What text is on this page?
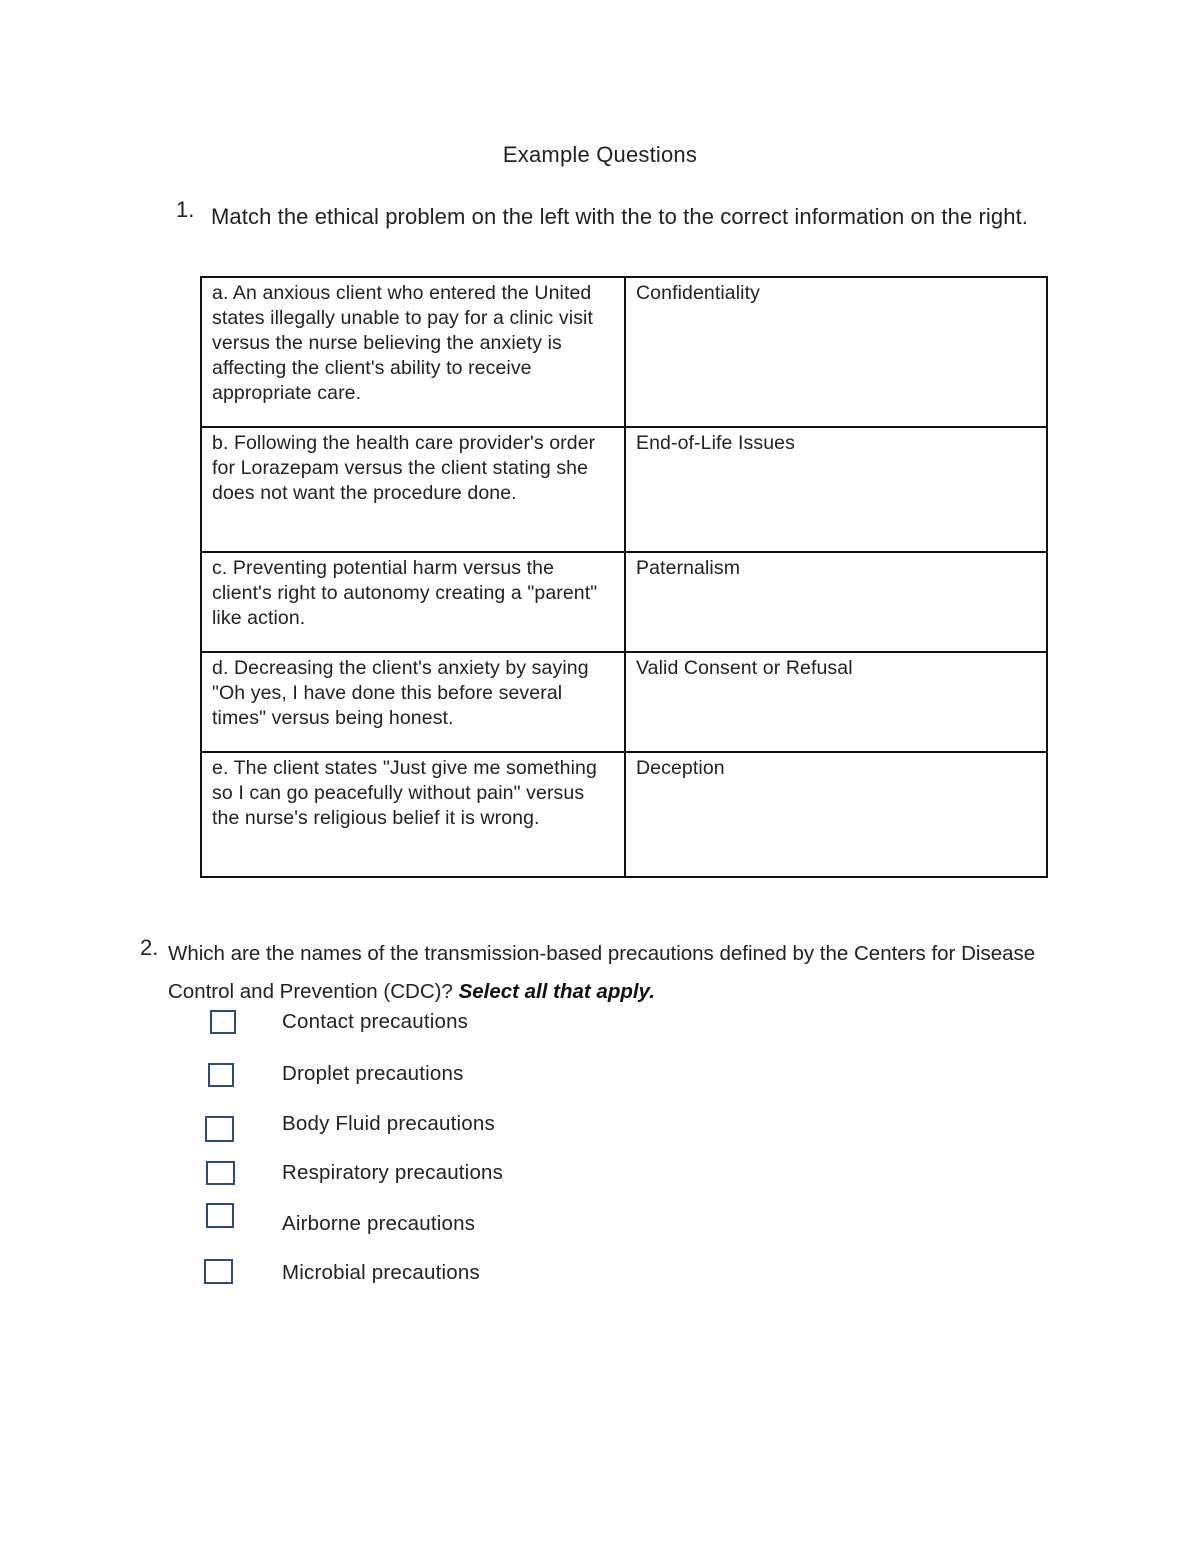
Example Questions
1. Match the ethical problem on the left with the to the correct information on the right.
a. An anxious client who entered the United states illegally unable to pay for a clinic visit versus the nurse believing the anxiety is affecting the client's ability to receive appropriate care.	Confidentiality
b. Following the health care provider's order for Lorazepam versus the client stating she does not want the procedure done.	End-of-Life Issues
c. Preventing potential harm versus the client's right to autonomy creating a "parent" like action.	Paternalism
d. Decreasing the client's anxiety by saying "Oh yes, I have done this before several times" versus being honest.	Valid Consent or Refusal
e. The client states "Just give me something so I can go peacefully without pain" versus the nurse's religious belief it is wrong.	Deception
2. Which are the names of the transmission-based precautions defined by the Centers for Disease Control and Prevention (CDC)? Select all that apply.
Contact precautions
Droplet precautions
Body Fluid precautions
Respiratory precautions
Airborne precautions
Microbial precautions
